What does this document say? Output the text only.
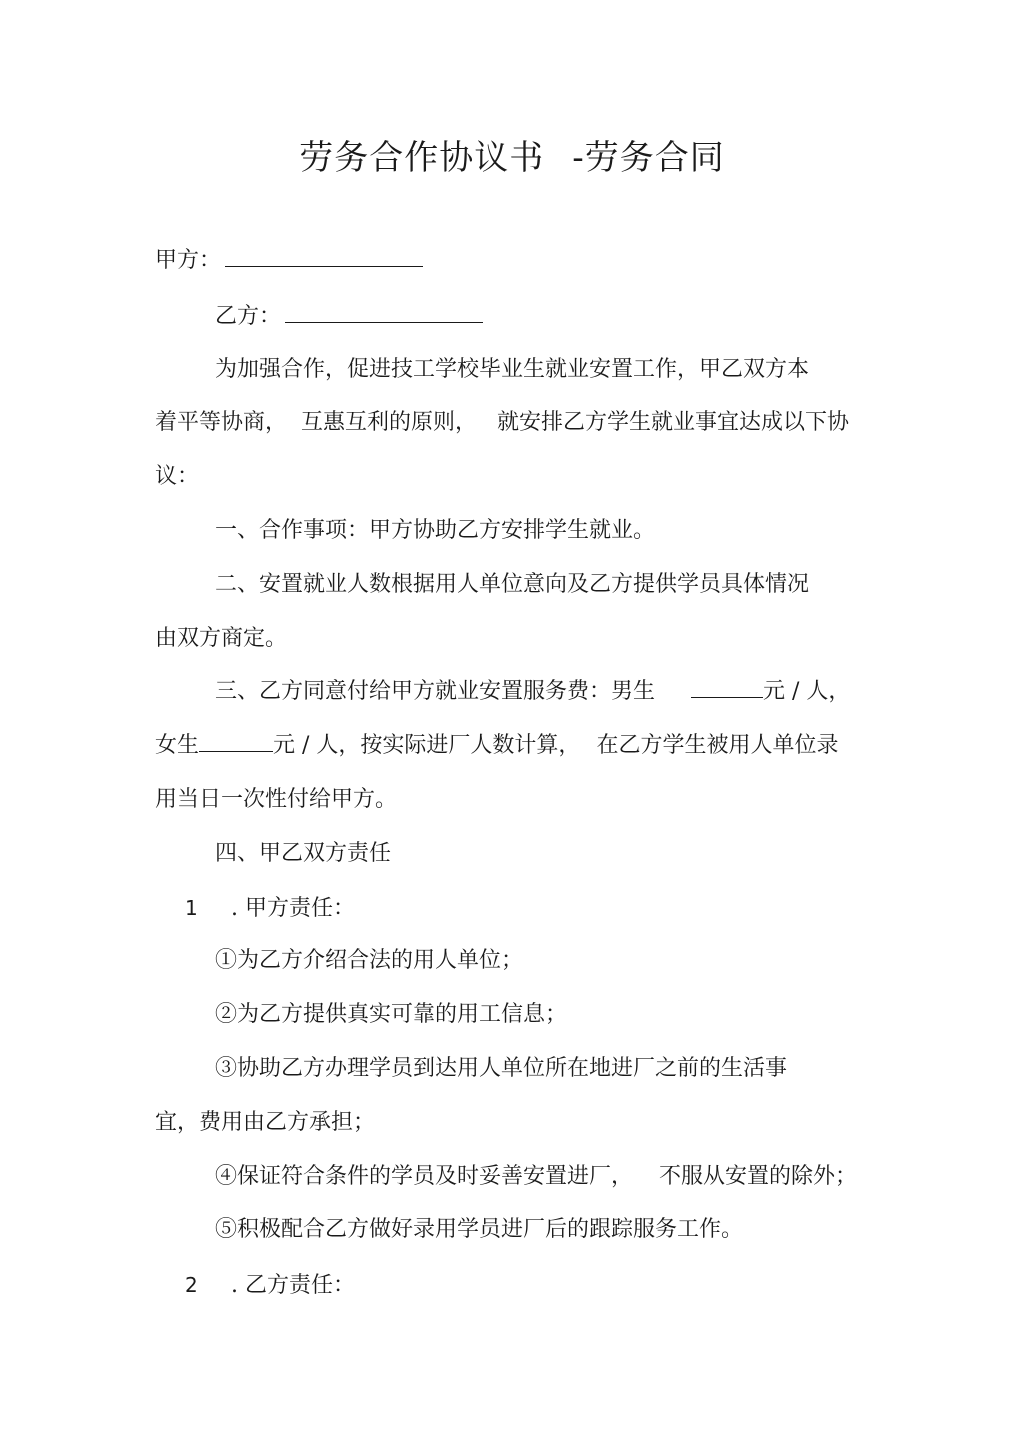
劳务合作协议书 -劳务合同
甲方：
乙方：
为加强合作，促进技工学校毕业生就业安置工作，甲乙双方本
着平等协商， 互惠互利的原则， 就安排乙方学生就业事宜达成以下协
议：
一、合作事项：甲方协助乙方安排学生就业。
二、安置就业人数根据用人单位意向及乙方提供学员具体情况
由双方商定。
三、乙方同意付给甲方就业安置服务费：男生	元 / 人，
女生	元 / 人，按实际进厂人数计算， 在乙方学生被用人单位录
用当日一次性付给甲方。
四、甲乙双方责任
1 . 甲方责任：
①为乙方介绍合法的用人单位；
②为乙方提供真实可靠的用工信息；
③协助乙方办理学员到达用人单位所在地进厂之前的生活事
宜，费用由乙方承担；
④保证符合条件的学员及时妥善安置进厂， 不服从安置的除外；
⑤积极配合乙方做好录用学员进厂后的跟踪服务工作。
2 . 乙方责任：
